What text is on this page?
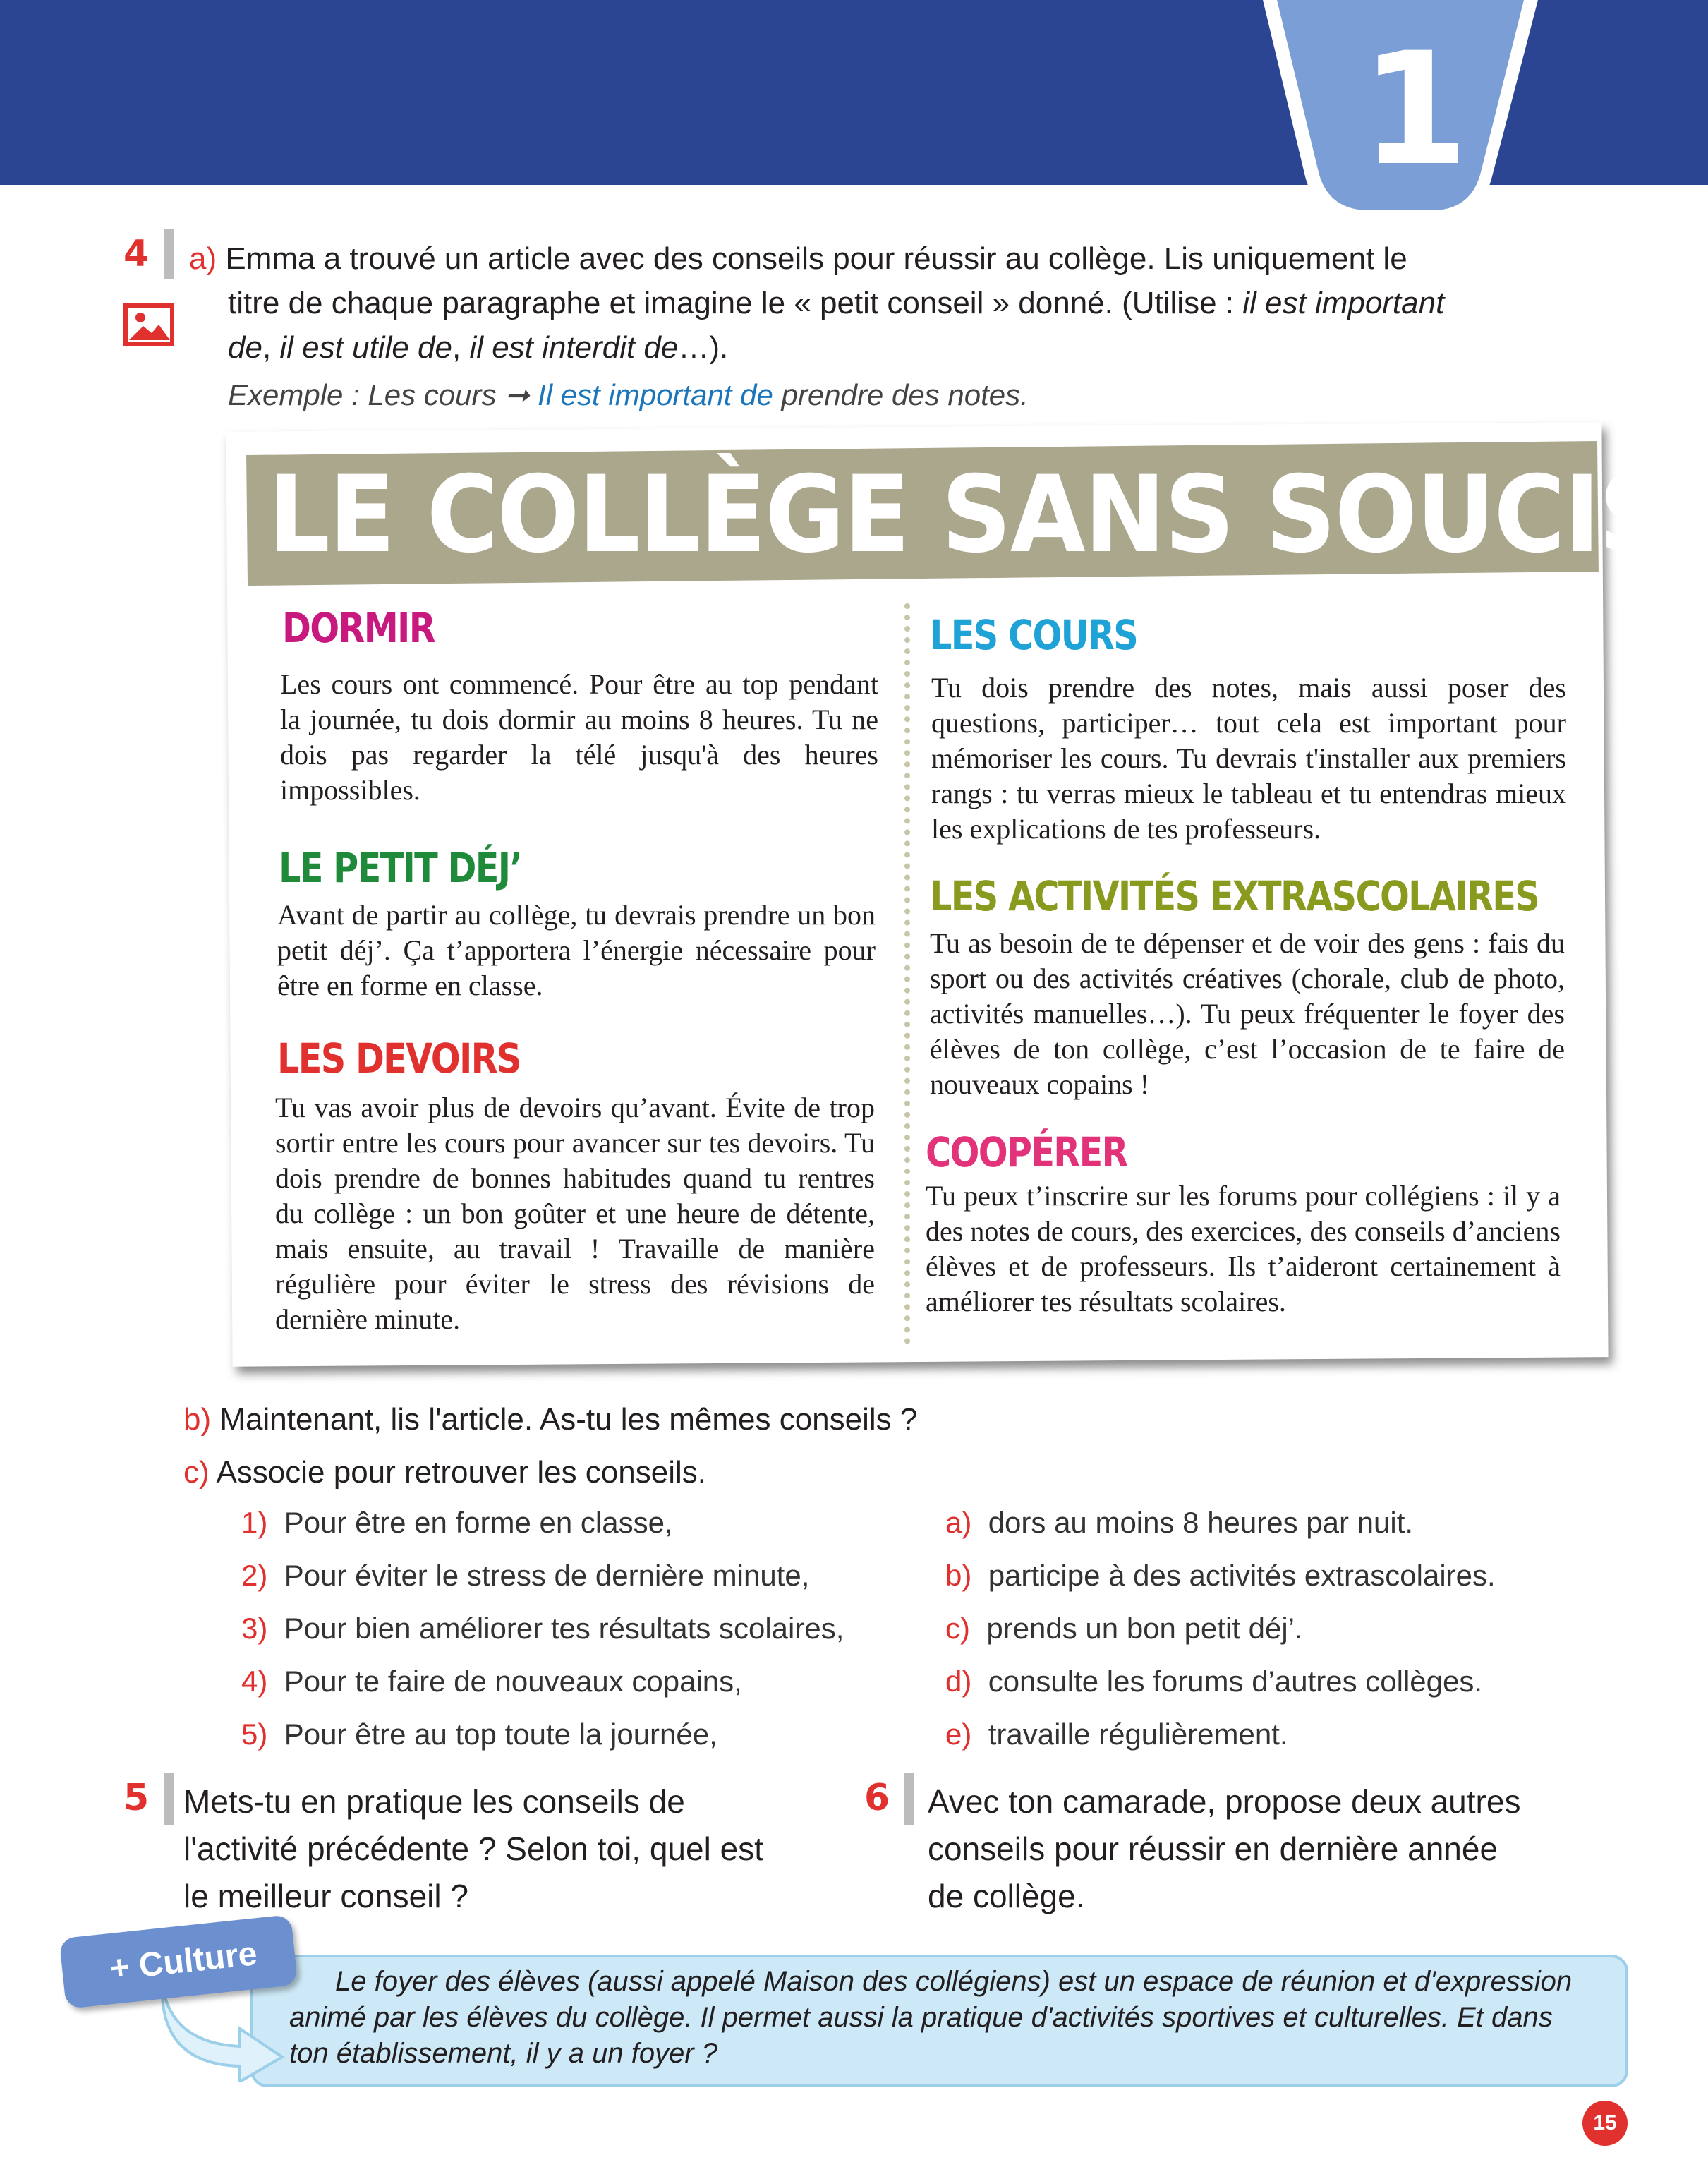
1
4 a) Emma a trouvé un article avec des conseils pour réussir au collège. Lis uniquement le
titre de chaque paragraphe et imagine le « petit conseil » donné. (Utilise : il est important
de, il est utile de, il est interdit de…).
Exemple : Les cours ➞ Il est important de prendre des notes.
LE COLLÈGE SANS SOUCIS
DORMIR
Les cours ont commencé. Pour être au top pendant la journée, tu dois dormir au moins 8 heures. Tu ne dois pas regarder la télé jusqu'à des heures impossibles.
LE PETIT DÉJ’
Avant de partir au collège, tu devrais prendre un bon petit déj’. Ça t’apportera l’énergie nécessaire pour être en forme en classe.
LES DEVOIRS
Tu vas avoir plus de devoirs qu’avant. Évite de trop sortir entre les cours pour avancer sur tes devoirs. Tu dois prendre de bonnes habitudes quand tu rentres du collège : un bon goûter et une heure de détente, mais ensuite, au travail ! Travaille de manière régulière pour éviter le stress des révisions de dernière minute.
LES COURS
Tu dois prendre des notes, mais aussi poser des questions, participer… tout cela est important pour mémoriser les cours. Tu devrais t'installer aux premiers rangs : tu verras mieux le tableau et tu entendras mieux les explications de tes professeurs.
LES ACTIVITÉS EXTRASCOLAIRES
Tu as besoin de te dépenser et de voir des gens : fais du sport ou des activités créatives (chorale, club de photo, activités manuelles…). Tu peux fréquenter le foyer des élèves de ton collège, c’est l’occasion de te faire de nouveaux copains !
COOPÉRER
Tu peux t’inscrire sur les forums pour collégiens : il y a des notes de cours, des exercices, des conseils d’anciens élèves et de professeurs. Ils t’aideront certainement à améliorer tes résultats scolaires.
b) Maintenant, lis l'article. As-tu les mêmes conseils ?
c) Associe pour retrouver les conseils.
1) Pour être en forme en classe,
2) Pour éviter le stress de dernière minute,
3) Pour bien améliorer tes résultats scolaires,
4) Pour te faire de nouveaux copains,
5) Pour être au top toute la journée,
a) dors au moins 8 heures par nuit.
b) participe à des activités extrascolaires.
c) prends un bon petit déj’.
d) consulte les forums d’autres collèges.
e) travaille régulièrement.
5 Mets-tu en pratique les conseils de
l'activité précédente ? Selon toi, quel est
le meilleur conseil ?
6 Avec ton camarade, propose deux autres
conseils pour réussir en dernière année
de collège.
+ Culture	Le foyer des élèves (aussi appelé Maison des collégiens) est un espace de réunion et d'expression
animé par les élèves du collège. Il permet aussi la pratique d'activités sportives et culturelles. Et dans
ton établissement, il y a un foyer ?
15
